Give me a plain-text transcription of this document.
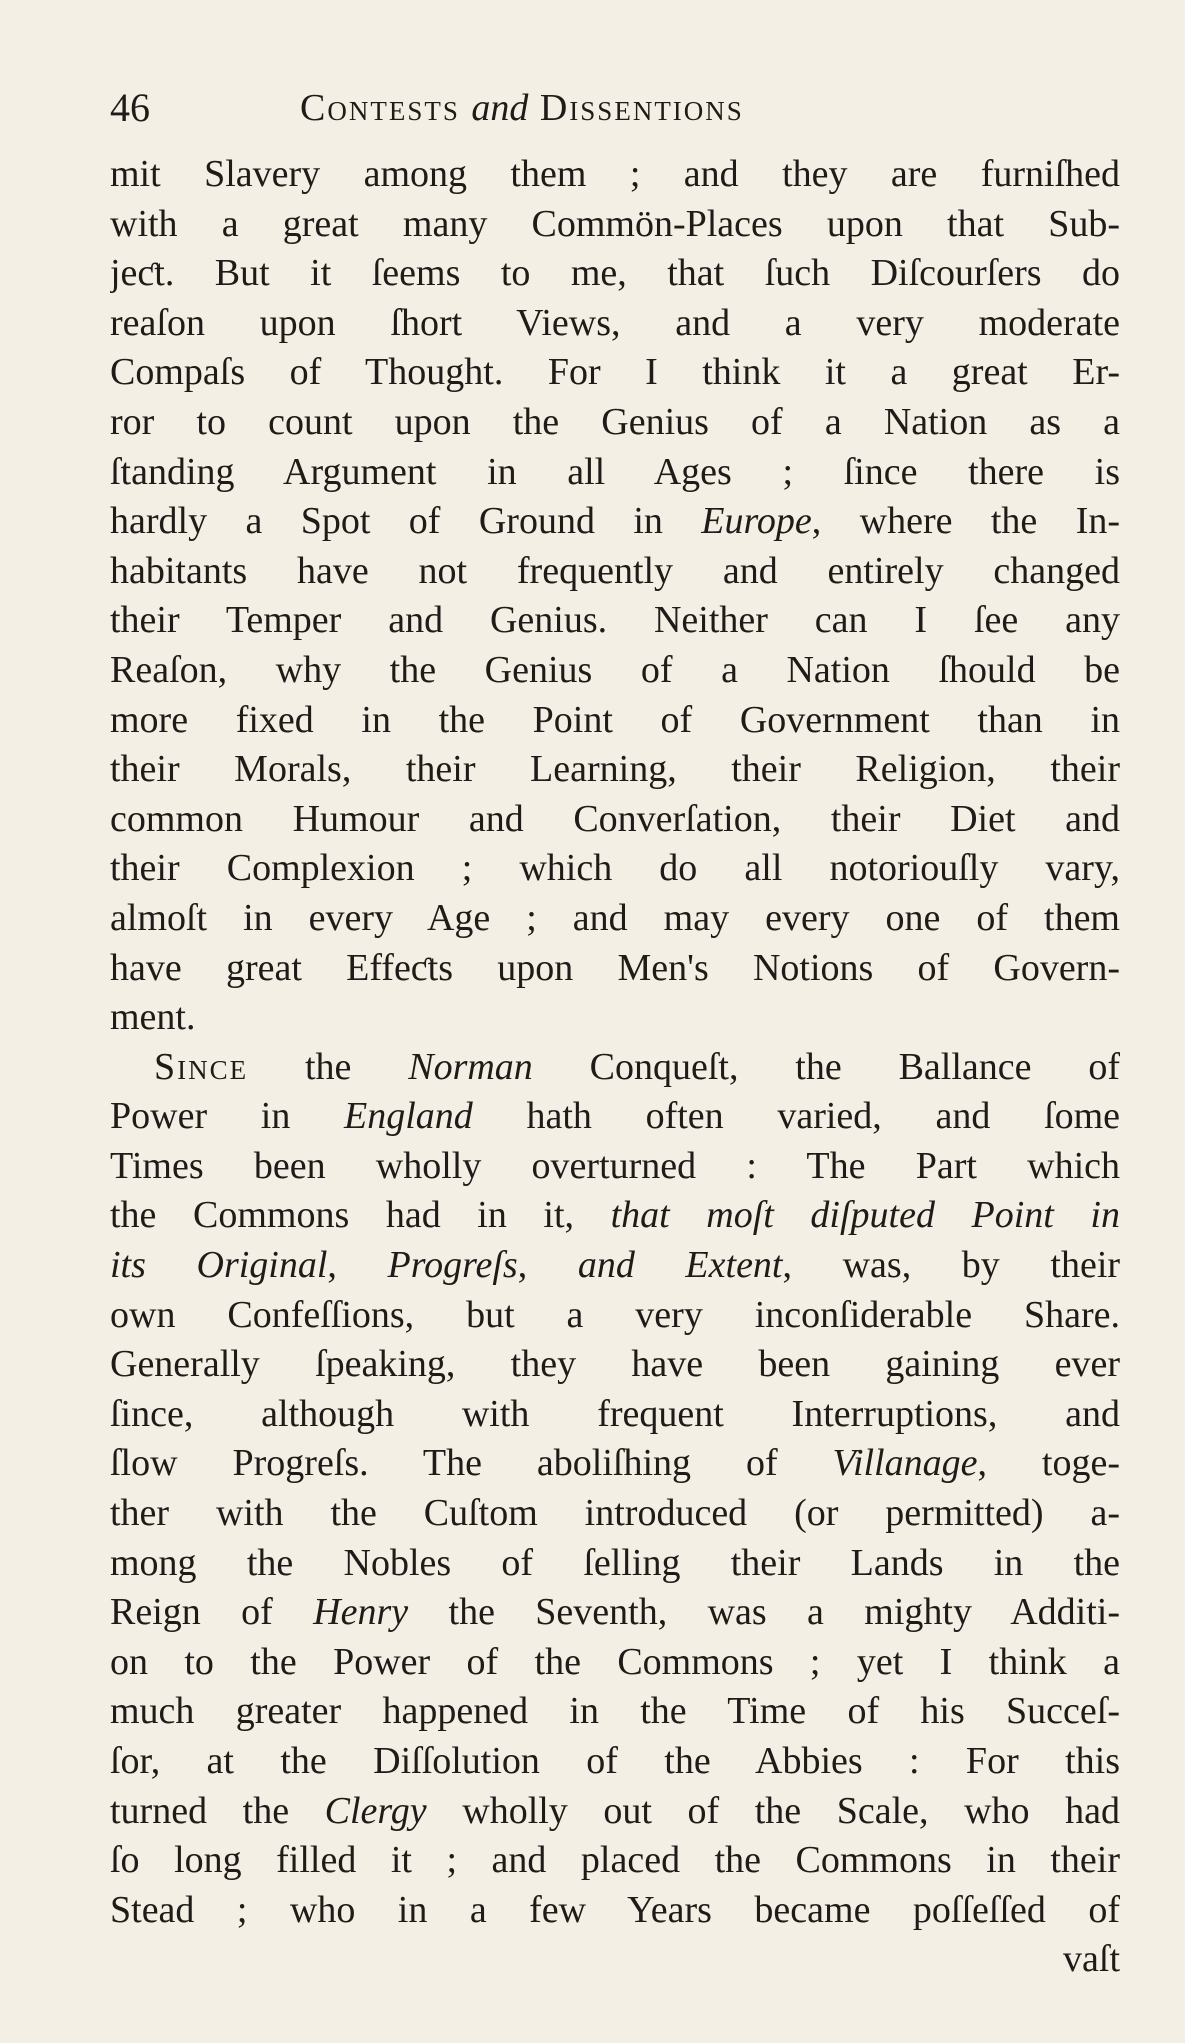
46	Contests and Dissentions
mit Slavery among them ; and they are furniſhed
with a great many Commön-Places upon that Sub-
jeƈt. But it ſeems to me, that ſuch Diſcourſers do
reaſon upon ſhort Views, and a very moderate
Compaſs of Thought. For I think it a great Er-
ror to count upon the Genius of a Nation as a
ſtanding Argument in all Ages ; ſince there is
hardly a Spot of Ground in Europe, where the In-
habitants have not frequently and entirely changed
their Temper and Genius. Neither can I ſee any
Reaſon, why the Genius of a Nation ſhould be
more fixed in the Point of Government than in
their Morals, their Learning, their Religion, their
common Humour and Converſation, their Diet and
their Complexion ; which do all notoriouſly vary,
almoſt in every Age ; and may every one of them
have great Effeƈts upon Men's Notions of Govern-
ment.
Since the Norman Conqueſt, the Ballance of
Power in England hath often varied, and ſome
Times been wholly overturned : The Part which
the Commons had in it, that moſt diſputed Point in
its Original, Progreſs, and Extent, was, by their
own Confeſſions, but a very inconſiderable Share.
Generally ſpeaking, they have been gaining ever
ſince, although with frequent Interruptions, and
ſlow Progreſs. The aboliſhing of Villanage, toge-
ther with the Cuſtom introduced (or permitted) a-
mong the Nobles of ſelling their Lands in the
Reign of Henry the Seventh, was a mighty Additi-
on to the Power of the Commons ; yet I think a
much greater happened in the Time of his Succeſ-
ſor, at the Diſſolution of the Abbies : For this
turned the Clergy wholly out of the Scale, who had
ſo long filled it ; and placed the Commons in their
Stead ; who in a few Years became poſſeſſed of
vaſt
